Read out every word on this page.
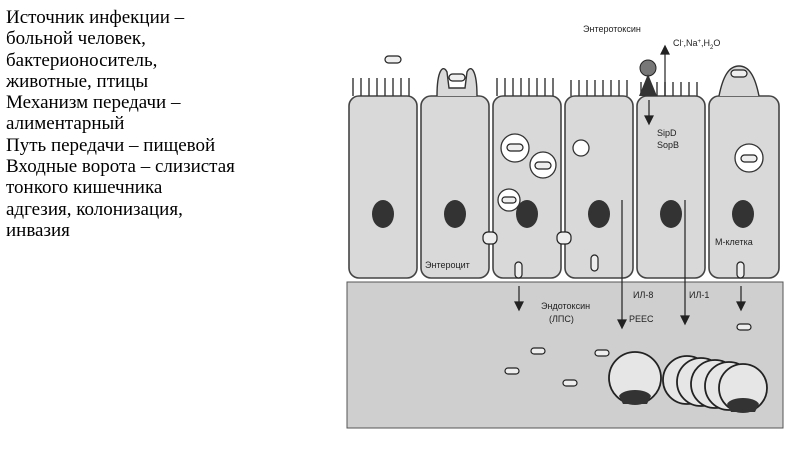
Источник инфекции –
больной человек,
бактерионоситель,
животные, птицы
Механизм передачи –
алиментарный
Путь передачи – пищевой
Входные ворота – слизистая
тонкого кишечника
адгезия, колонизация,
инвазия
Энтеротоксин
$Cl^-,Na^+,H_2O$
SipD
SopB
Энтероцит
М-клетка
Эндотоксин
(ЛПС)
ИЛ-8
PEEC
ИЛ-1
